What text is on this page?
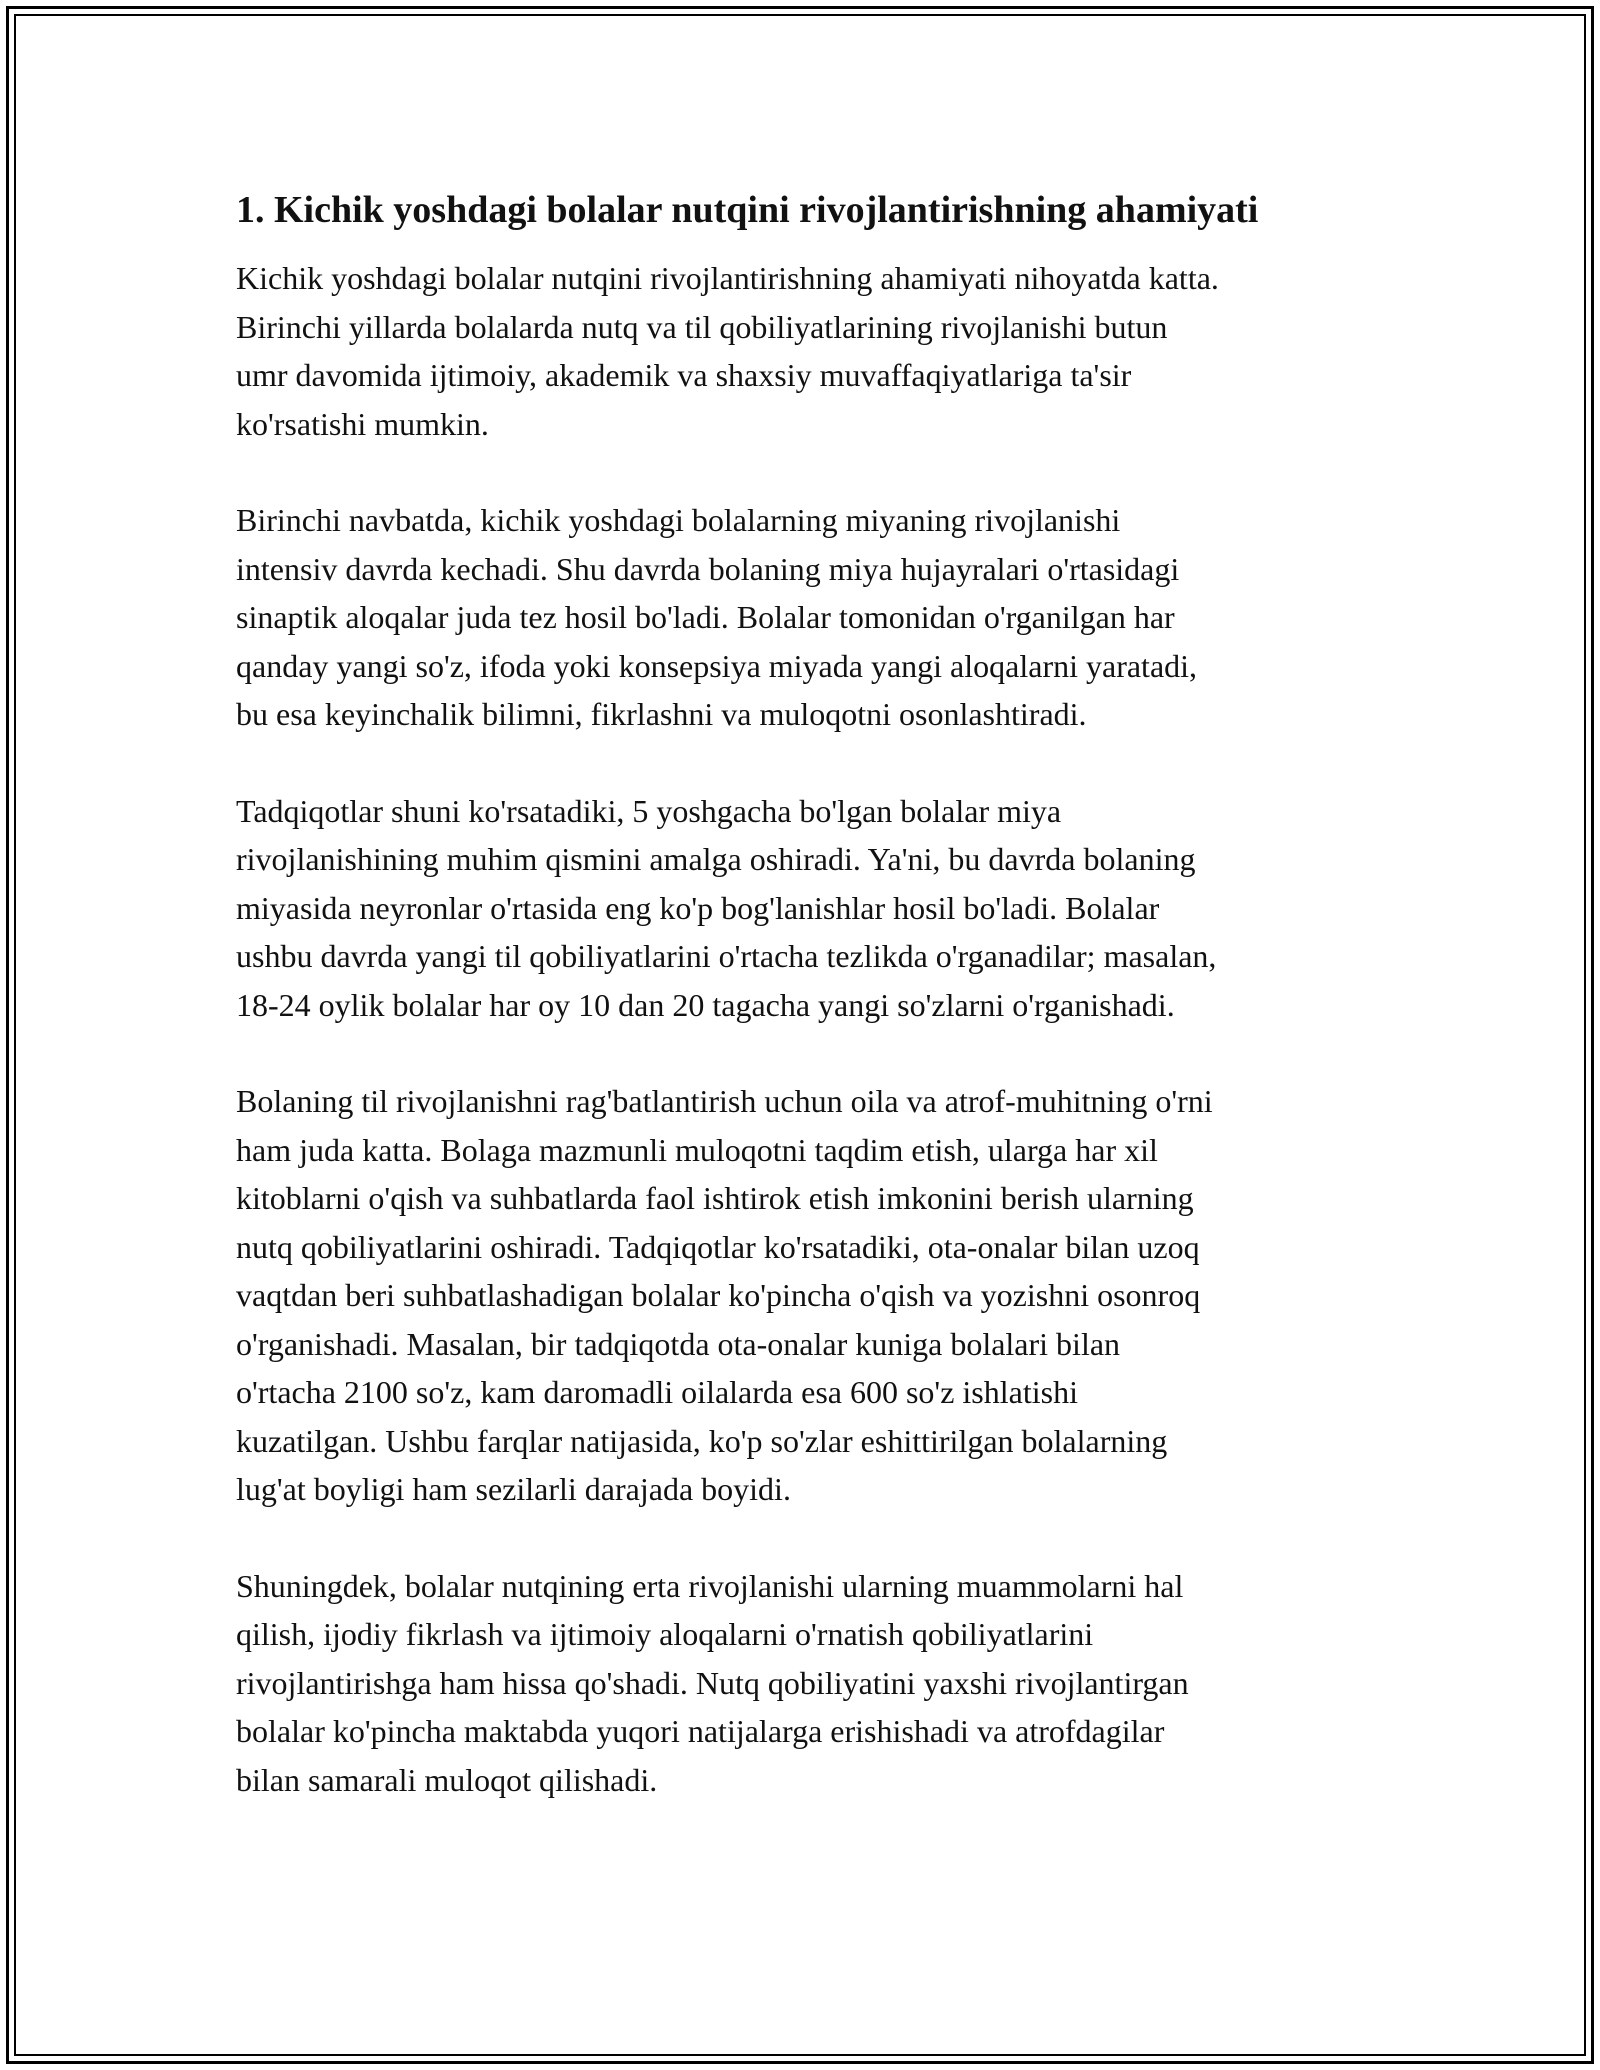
1. Kichik yoshdagi bolalar nutqini rivojlantirishning ahamiyati

Kichik yoshdagi bolalar nutqini rivojlantirishning ahamiyati nihoyatda katta.
Birinchi yillarda bolalarda nutq va til qobiliyatlarining rivojlanishi butun
umr davomida ijtimoiy, akademik va shaxsiy muvaffaqiyatlariga ta'sir
ko'rsatishi mumkin.

Birinchi navbatda, kichik yoshdagi bolalarning miyaning rivojlanishi
intensiv davrda kechadi. Shu davrda bolaning miya hujayralari o'rtasidagi
sinaptik aloqalar juda tez hosil bo'ladi. Bolalar tomonidan o'rganilgan har
qanday yangi so'z, ifoda yoki konsepsiya miyada yangi aloqalarni yaratadi,
bu esa keyinchalik bilimni, fikrlashni va muloqotni osonlashtiradi.

Tadqiqotlar shuni ko'rsatadiki, 5 yoshgacha bo'lgan bolalar miya
rivojlanishining muhim qismini amalga oshiradi. Ya'ni, bu davrda bolaning
miyasida neyronlar o'rtasida eng ko'p bog'lanishlar hosil bo'ladi. Bolalar
ushbu davrda yangi til qobiliyatlarini o'rtacha tezlikda o'rganadilar; masalan,
18-24 oylik bolalar har oy 10 dan 20 tagacha yangi so'zlarni o'rganishadi.

Bolaning til rivojlanishni rag'batlantirish uchun oila va atrof-muhitning o'rni
ham juda katta. Bolaga mazmunli muloqotni taqdim etish, ularga har xil
kitoblarni o'qish va suhbatlarda faol ishtirok etish imkonini berish ularning
nutq qobiliyatlarini oshiradi. Tadqiqotlar ko'rsatadiki, ota-onalar bilan uzoq
vaqtdan beri suhbatlashadigan bolalar ko'pincha o'qish va yozishni osonroq
o'rganishadi. Masalan, bir tadqiqotda ota-onalar kuniga bolalari bilan
o'rtacha 2100 so'z, kam daromadli oilalarda esa 600 so'z ishlatishi
kuzatilgan. Ushbu farqlar natijasida, ko'p so'zlar eshittirilgan bolalarning
lug'at boyligi ham sezilarli darajada boyidi.

Shuningdek, bolalar nutqining erta rivojlanishi ularning muammolarni hal
qilish, ijodiy fikrlash va ijtimoiy aloqalarni o'rnatish qobiliyatlarini
rivojlantirishga ham hissa qo'shadi. Nutq qobiliyatini yaxshi rivojlantirgan
bolalar ko'pincha maktabda yuqori natijalarga erishishadi va atrofdagilar
bilan samarali muloqot qilishadi.
